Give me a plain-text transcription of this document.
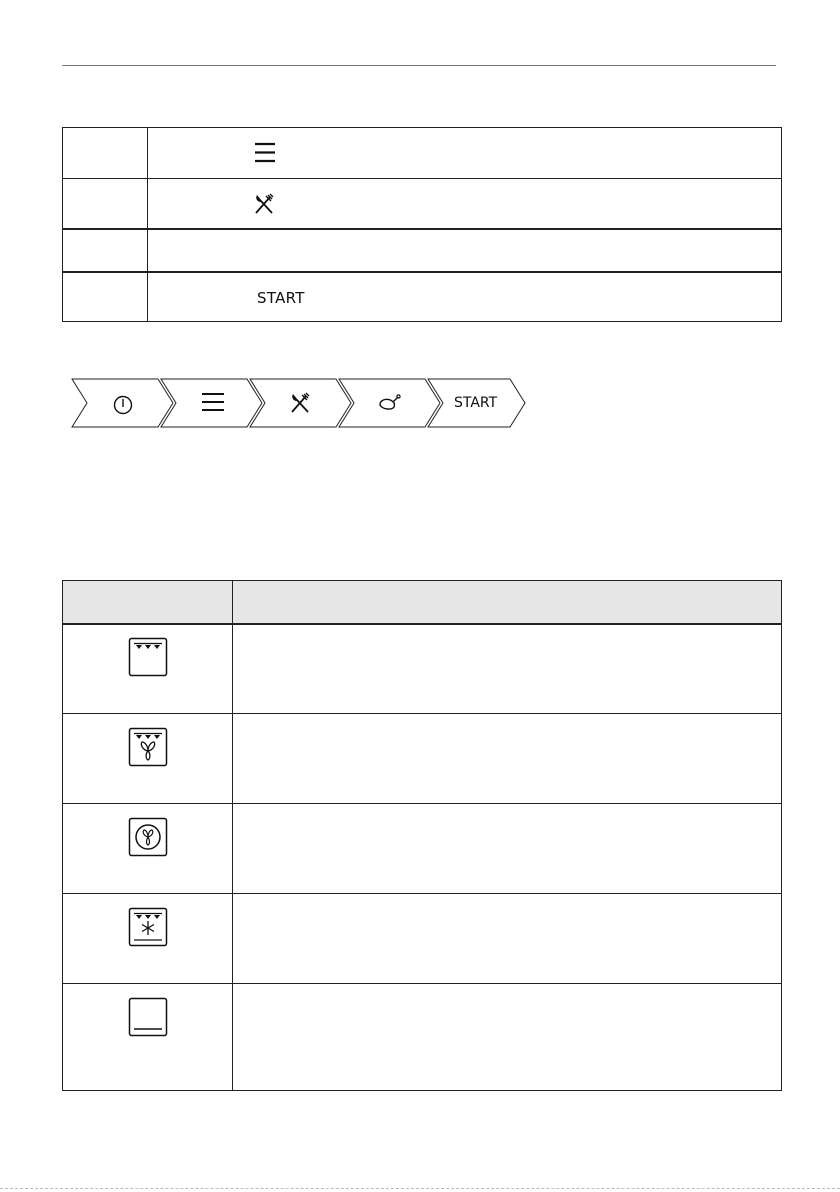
START
START
